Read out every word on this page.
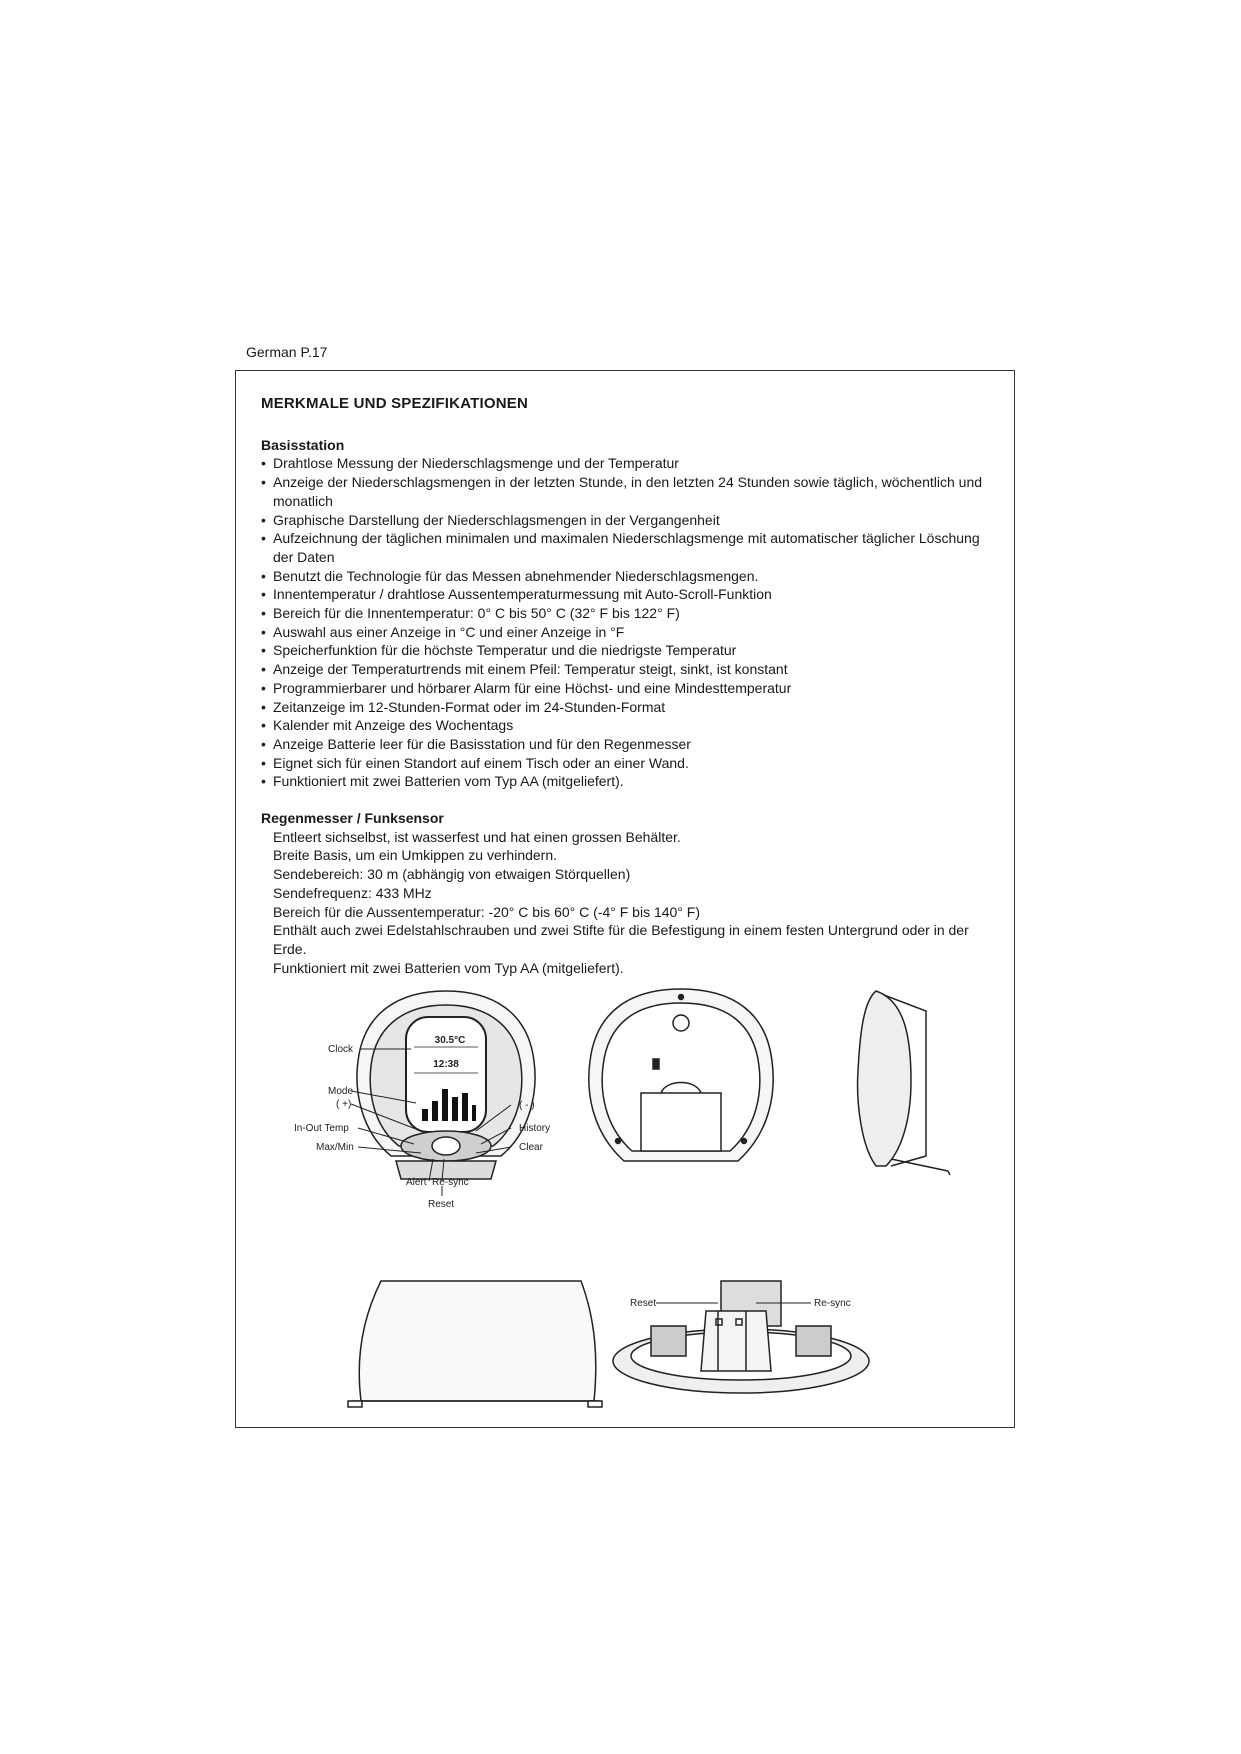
German P.17
MERKMALE UND SPEZIFIKATIONEN
Basisstation
• Drahtlose Messung der Niederschlagsmenge und der Temperatur
• Anzeige der Niederschlagsmengen in der letzten Stunde, in den letzten 24 Stunden sowie täglich, wöchentlich und monatlich
• Graphische Darstellung der Niederschlagsmengen in der Vergangenheit
• Aufzeichnung der täglichen minimalen und maximalen Niederschlagsmenge mit automatischer täglicher Löschung der Daten
• Benutzt die Technologie für das Messen abnehmender Niederschlagsmengen.
• Innentemperatur / drahtlose Aussentemperaturmessung mit Auto-Scroll-Funktion
• Bereich für die Innentemperatur: 0° C bis 50° C (32° F bis 122° F)
• Auswahl aus einer Anzeige in °C und einer Anzeige in °F
• Speicherfunktion für die höchste Temperatur und die niedrigste Temperatur
• Anzeige der Temperaturtrends mit einem Pfeil: Temperatur steigt, sinkt, ist konstant
• Programmierbarer und hörbarer Alarm für eine Höchst- und eine Mindesttemperatur
• Zeitanzeige im 12-Stunden-Format oder im 24-Stunden-Format
• Kalender mit Anzeige des Wochentags
• Anzeige Batterie leer für die Basisstation und für den Regenmesser
• Eignet sich für einen Standort auf einem Tisch oder an einer Wand.
• Funktioniert mit zwei Batterien vom Typ AA (mitgeliefert).
Regenmesser / Funksensor
Entleert sichselbst, ist wasserfest und hat einen grossen Behälter.
Breite Basis, um ein Umkippen zu verhindern.
Sendebereich: 30 m (abhängig von etwaigen Störquellen)
Sendefrequenz: 433 MHz
Bereich für die Aussentemperatur: -20° C bis 60° C (-4° F bis 140° F)
Enthält auch zwei Edelstahlschrauben und zwei Stifte für die Befestigung in einem festen Untergrund oder in der Erde.
Funktioniert mit zwei Batterien vom Typ AA (mitgeliefert).
30.5°C
12:38
Clock
Mode
( +)
In-Out Temp
Max/Min
( - )
History
Clear
Alert Re-sync
Reset
Reset	Re-sync
